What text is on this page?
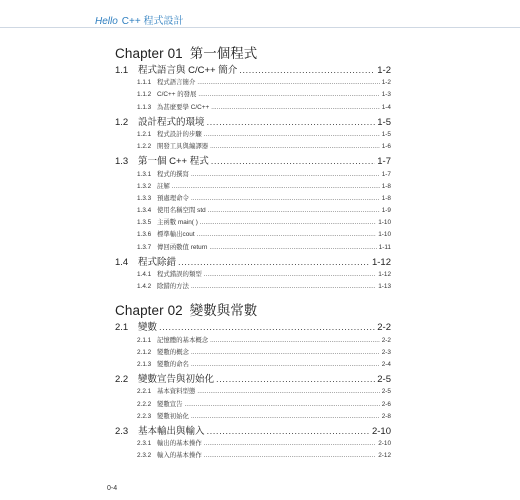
Hello C++ 程式設計
Chapter 01 第一個程式
1.1	程式語言與 C/C++ 簡介 .....	1-2
1.1.1 程式語言簡介 .....	1-2
1.1.2 C/C++ 的發展 .....	1-3
1.1.3 為甚麼要學 C/C++ .....	1-4
1.2	設計程式的環境 .....	1-5
1.2.1 程式設計的步驟 .....	1-5
1.2.2 開發工具與編譯器 .....	1-6
1.3	第一個 C++ 程式 .....	1-7
1.3.1 程式的撰寫 .....	1-7
1.3.2 註解 .....	1-8
1.3.3 預處理命令 .....	1-8
1.3.4 使用名稱空間 std .....	1-9
1.3.5 主函數 main( ) .....	1-10
1.3.6 標準輸出cout .....	1-10
1.3.7 傳回函數值 return .....	1-11
1.4	程式除錯 .....	1-12
1.4.1 程式錯誤的類型 .....	1-12
1.4.2 除錯的方法 .....	1-13
Chapter 02 變數與常數
2.1	變數 .....	2-2
2.1.1 記憶體的基本概念 .....	2-2
2.1.2 變數的概念 .....	2-3
2.1.3 變數的命名 .....	2-4
2.2	變數宣告與初始化 .....	2-5
2.2.1 基本資料型態 .....	2-5
2.2.2 變數宣告 .....	2-6
2.2.3 變數初始化 .....	2-8
2.3	基本輸出與輸入 .....	2-10
2.3.1 輸出的基本操作 .....	2-10
2.3.2 輸入的基本操作 .....	2-12
0-4
